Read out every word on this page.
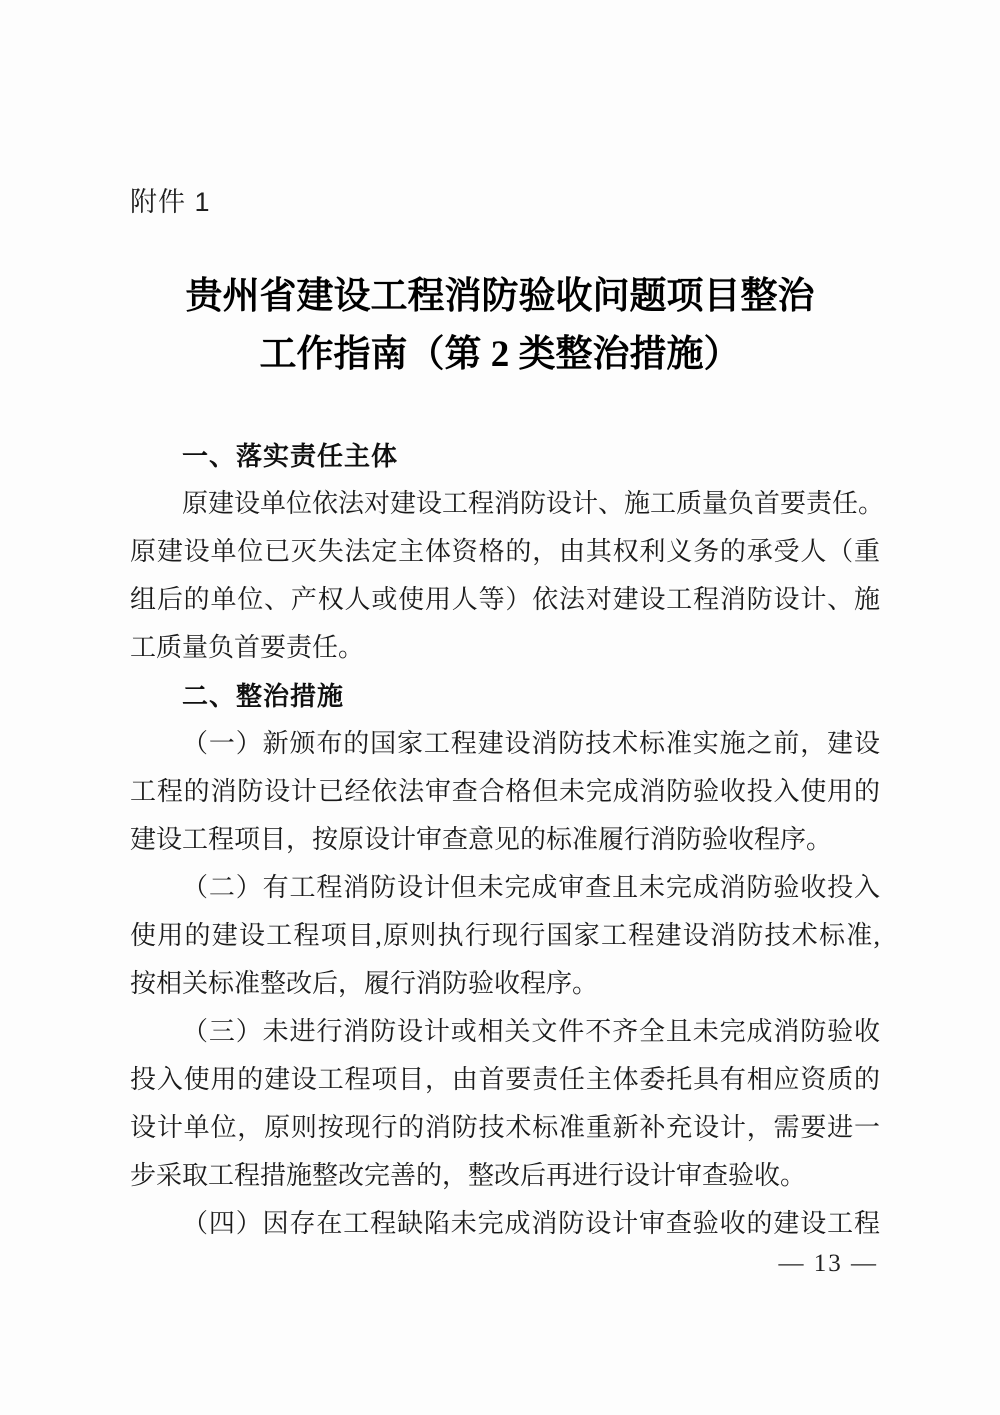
附件 1
贵州省建设工程消防验收问题项目整治
工作指南（第 2 类整治措施）
一、落实责任主体
原建设单位依法对建设工程消防设计、施工质量负首要责任。
原建设单位已灭失法定主体资格的，由其权利义务的承受人（重
组后的单位、产权人或使用人等）依法对建设工程消防设计、施
工质量负首要责任。
二、整治措施
（一）新颁布的国家工程建设消防技术标准实施之前，建设
工程的消防设计已经依法审查合格但未完成消防验收投入使用的
建设工程项目，按原设计审查意见的标准履行消防验收程序。
（二）有工程消防设计但未完成审查且未完成消防验收投入
使用的建设工程项目,原则执行现行国家工程建设消防技术标准,
按相关标准整改后，履行消防验收程序。
（三）未进行消防设计或相关文件不齐全且未完成消防验收
投入使用的建设工程项目，由首要责任主体委托具有相应资质的
设计单位，原则按现行的消防技术标准重新补充设计，需要进一
步采取工程措施整改完善的，整改后再进行设计审查验收。
（四）因存在工程缺陷未完成消防设计审查验收的建设工程
— 13 —
